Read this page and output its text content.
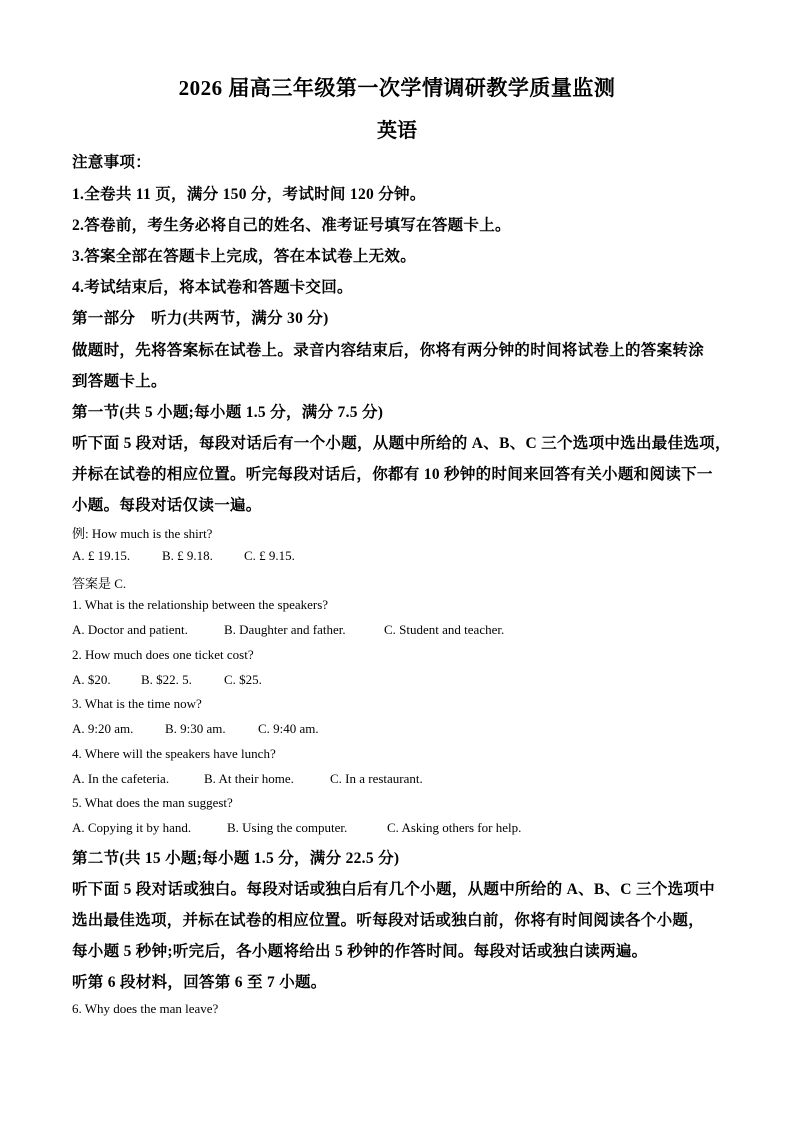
2026 届高三年级第一次学情调研教学质量监测
英语
注意事项：
1.全卷共 11 页，满分 150 分，考试时间 120 分钟。
2.答卷前，考生务必将自己的姓名、准考证号填写在答题卡上。
3.答案全部在答题卡上完成，答在本试卷上无效。
4.考试结束后，将本试卷和答题卡交回。
第一部分　听力(共两节，满分 30 分)
做题时，先将答案标在试卷上。录音内容结束后，你将有两分钟的时间将试卷上的答案转涂
到答题卡上。
第一节(共 5 小题;每小题 1.5 分，满分 7.5 分)
听下面 5 段对话，每段对话后有一个小题，从题中所给的 A、B、C 三个选项中选出最佳选项，
并标在试卷的相应位置。听完每段对话后，你都有 10 秒钟的时间来回答有关小题和阅读下一
小题。每段对话仅读一遍。
例: How much is the shirt?
A. £ 19.15. B. £ 9.18. C. £ 9.15.
答案是 C.
1. What is the relationship between the speakers?
A. Doctor and patient.	B. Daughter and father.	C. Student and teacher.
2. How much does one ticket cost?
A. $20. B. $22. 5. C. $25.
3. What is the time now?
A. 9:20 am. B. 9:30 am. C. 9:40 am.
4. Where will the speakers have lunch?
A. In the cafeteria.	B. At their home.	C. In a restaurant.
5. What does the man suggest?
A. Copying it by hand.	B. Using the computer.	C. Asking others for help.
第二节(共 15 小题;每小题 1.5 分，满分 22.5 分)
听下面 5 段对话或独白。每段对话或独白后有几个小题，从题中所给的 A、B、C 三个选项中
选出最佳选项，并标在试卷的相应位置。听每段对话或独白前，你将有时间阅读各个小题，
每小题 5 秒钟;听完后，各小题将给出 5 秒钟的作答时间。每段对话或独白读两遍。
听第 6 段材料，回答第 6 至 7 小题。
6. Why does the man leave?
